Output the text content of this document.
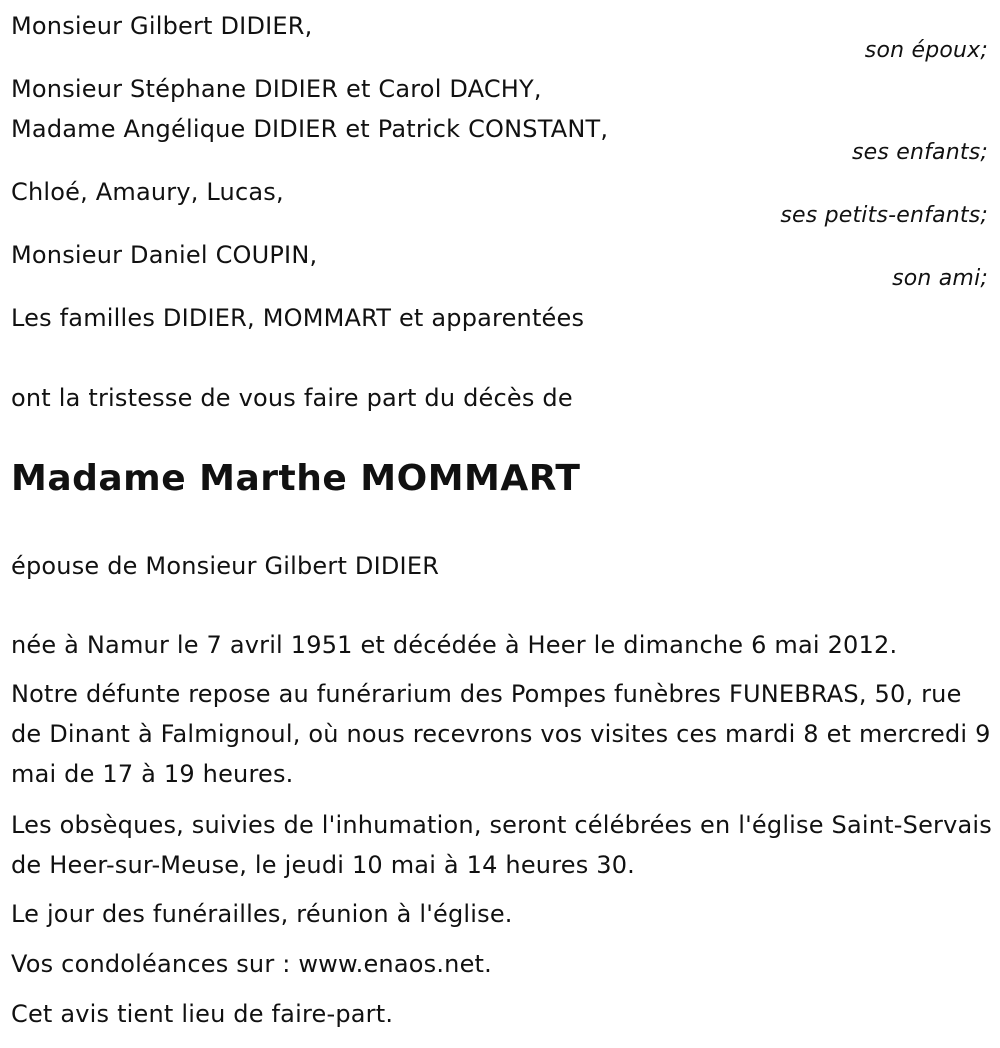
Monsieur Gilbert DIDIER,
son époux;
Monsieur Stéphane DIDIER et Carol DACHY,
Madame Angélique DIDIER et Patrick CONSTANT,
ses enfants;
Chloé, Amaury, Lucas,
ses petits-enfants;
Monsieur Daniel COUPIN,
son ami;
Les familles DIDIER, MOMMART et apparentées
ont la tristesse de vous faire part du décès de
Madame Marthe MOMMART
épouse de Monsieur Gilbert DIDIER
née à Namur le 7 avril 1951 et décédée à Heer le dimanche 6 mai 2012.
Notre défunte repose au funérarium des Pompes funèbres FUNEBRAS, 50, rue de Dinant à Falmignoul, où nous recevrons vos visites ces mardi 8 et mercredi 9 mai de 17 à 19 heures.
Les obsèques, suivies de l'inhumation, seront célébrées en l'église Saint-Servais de Heer-sur-Meuse, le jeudi 10 mai à 14 heures 30.
Le jour des funérailles, réunion à l'église.
Vos condoléances sur : www.enaos.net.
Cet avis tient lieu de faire-part.
